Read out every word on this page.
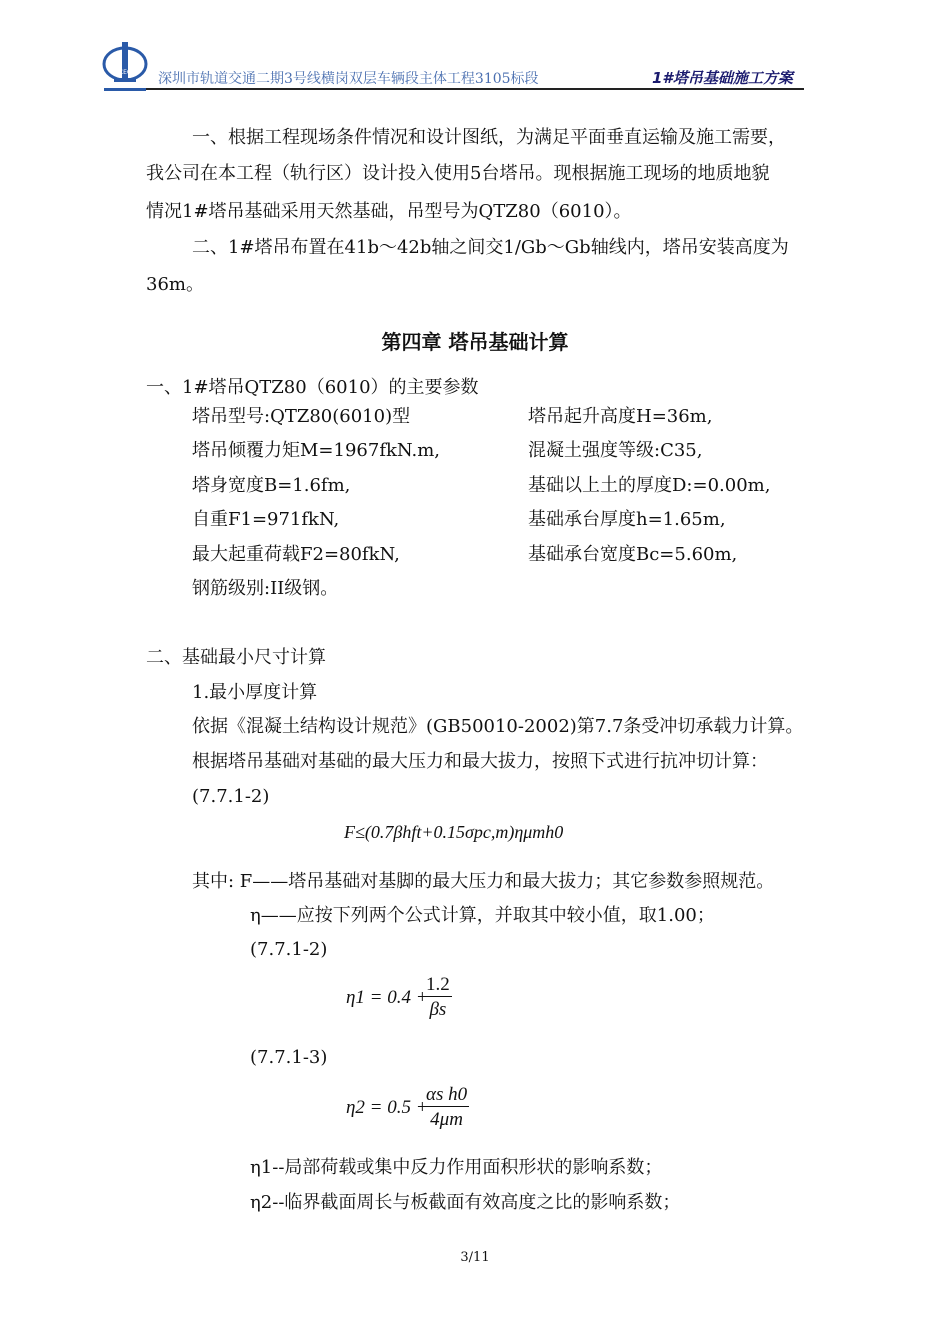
CCECC 深圳市轨道交通二期3号线横岗双层车辆段主体工程3105标段	1#塔吊基础施工方案
一、根据工程现场条件情况和设计图纸，为满足平面垂直运输及施工需要，
我公司在本工程（轨行区）设计投入使用5台塔吊。现根据施工现场的地质地貌
情况1#塔吊基础采用天然基础，吊型号为QTZ80（6010）。
二、1#塔吊布置在41b～42b轴之间交1/Gb～Gb轴线内，塔吊安装高度为
36m。
第四章 塔吊基础计算
一、1#塔吊QTZ80（6010）的主要参数
塔吊型号:QTZ80(6010)型
塔吊倾覆力矩M=1967fkN.m,
塔身宽度B=1.6fm,
自重F1=971fkN,
最大起重荷载F2=80fkN,
钢筋级别:II级钢。
塔吊起升高度H=36m,
混凝土强度等级:C35,
基础以上土的厚度D:=0.00m,
基础承台厚度h=1.65m,
基础承台宽度Bc=5.60m,
二、基础最小尺寸计算
1.最小厚度计算
依据《混凝土结构设计规范》(GB50010-2002)第7.7条受冲切承载力计算。
根据塔吊基础对基础的最大压力和最大拔力，按照下式进行抗冲切计算：
(7.7.1-2)
F≤(0.7βhft+0.15σpc,m)ημmh0
其中: F——塔吊基础对基脚的最大压力和最大拔力；其它参数参照规范。
η——应按下列两个公式计算，并取其中较小值，取1.00；
(7.7.1-2)
η1 = 0.4 +
$\frac{1.2}{\beta s}$
(7.7.1-3)
η2 = 0.5 +
$\frac{\text{αs h0}}{4\mu m}$
η1--局部荷载或集中反力作用面积形状的影响系数；
η2--临界截面周长与板截面有效高度之比的影响系数；
3/11
